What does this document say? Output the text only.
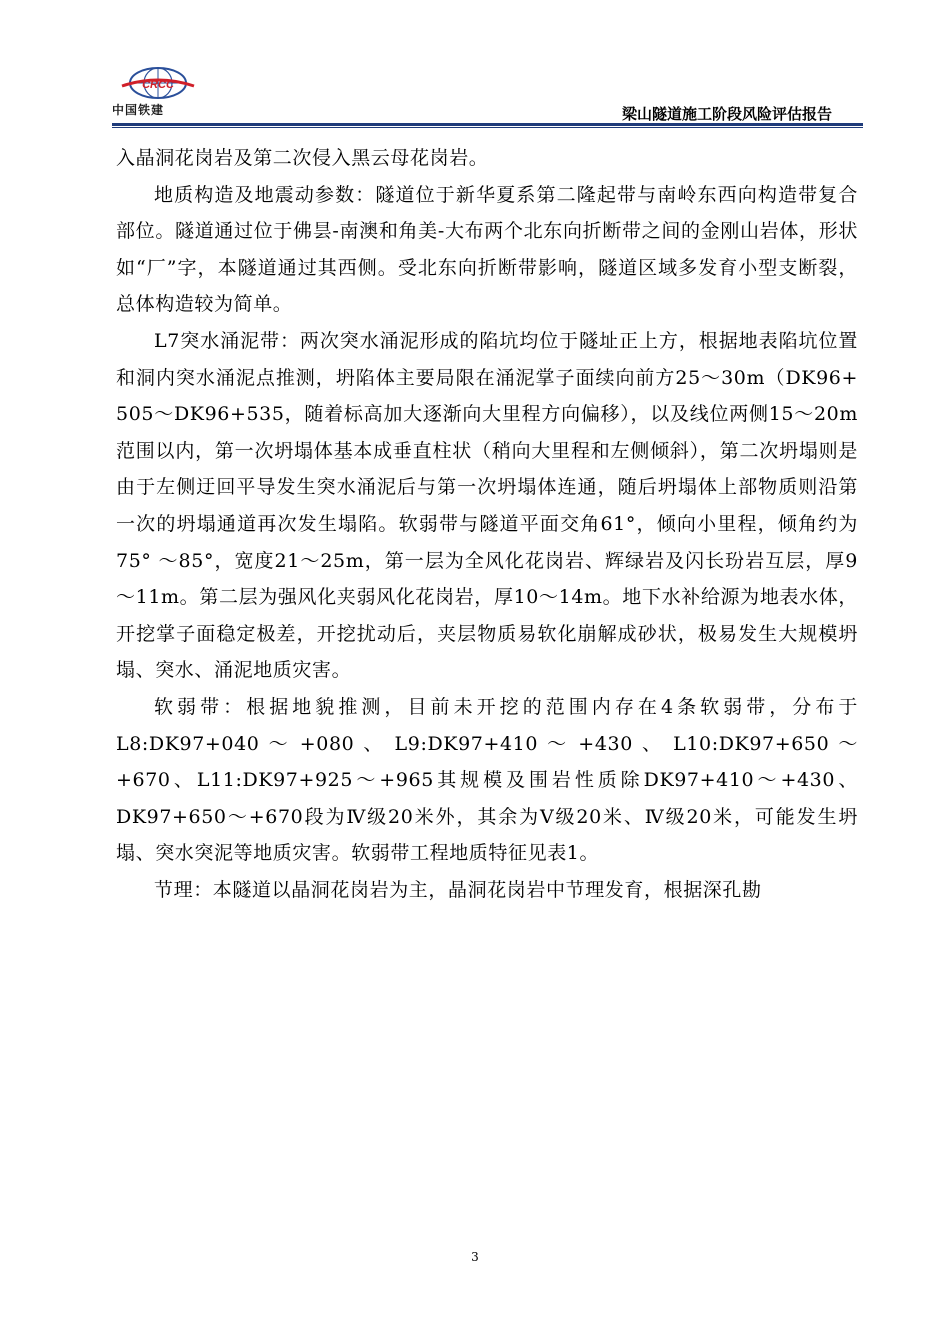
CRCC
中国铁建	梁山隧道施工阶段风险评估报告

入晶洞花岗岩及第二次侵入黑云母花岗岩。

地质构造及地震动参数：隧道位于新华夏系第二隆起带与南岭东西向构造带复合部位。隧道通过位于佛昙-南澳和角美-大布两个北东向折断带之间的金刚山岩体，形状如“厂”字，本隧道通过其西侧。受北东向折断带影响，隧道区域多发育小型支断裂，总体构造较为简单。

L7突水涌泥带：两次突水涌泥形成的陷坑均位于隧址正上方，根据地表陷坑位置和洞内突水涌泥点推测，坍陷体主要局限在涌泥掌子面续向前方25～30m（DK96+ 505～DK96+535，随着标高加大逐渐向大里程方向偏移），以及线位两侧15～20m范围以内，第一次坍塌体基本成垂直柱状（稍向大里程和左侧倾斜），第二次坍塌则是由于左侧迂回平导发生突水涌泥后与第一次坍塌体连通，随后坍塌体上部物质则沿第一次的坍塌通道再次发生塌陷。软弱带与隧道平面交角61°，倾向小里程，倾角约为75° ～85°，宽度21～25m，第一层为全风化花岗岩、辉绿岩及闪长玢岩互层，厚9～11m。第二层为强风化夹弱风化花岗岩，厚10～14m。地下水补给源为地表水体，开挖掌子面稳定极差，开挖扰动后，夹层物质易软化崩解成砂状，极易发生大规模坍塌、突水、涌泥地质灾害。

软弱带：根据地貌推测，目前未开挖的范围内存在4条软弱带，分布于L8:DK97+040 ～ +080 、 L9:DK97+410 ～ +430 、 L10:DK97+650 ～+670、L11:DK97+925～+965其规模及围岩性质除DK97+410～+430、DK97+650～+670段为Ⅳ级20米外，其余为Ⅴ级20米、Ⅳ级20米，可能发生坍塌、突水突泥等地质灾害。软弱带工程地质特征见表1。

节理：本隧道以晶洞花岗岩为主，晶洞花岗岩中节理发育，根据深孔勘

3
